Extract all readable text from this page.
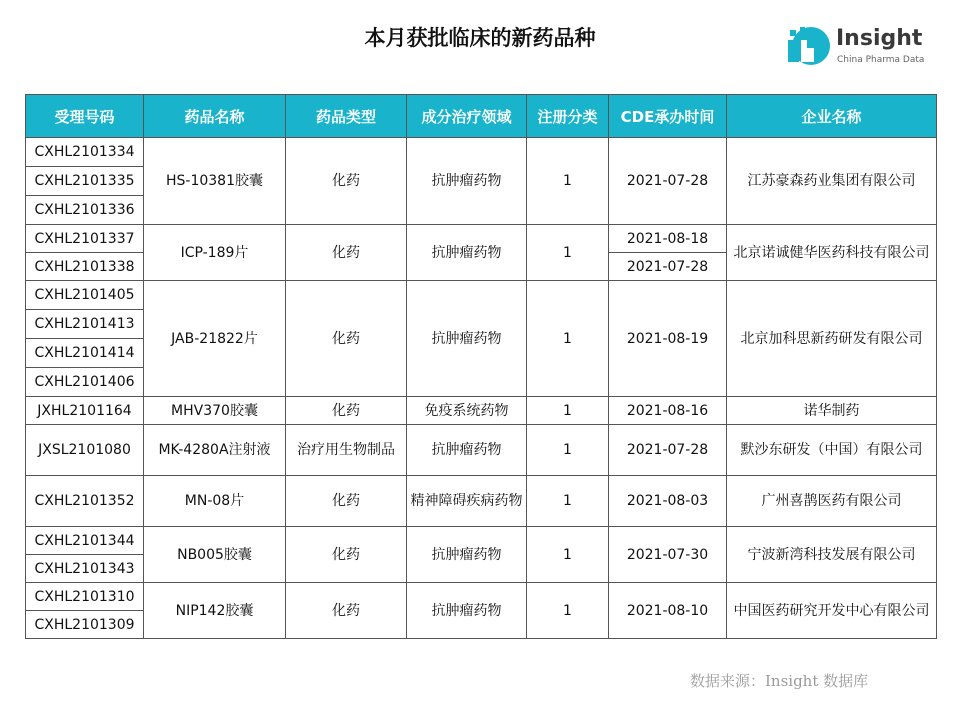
本月获批临床的新药品种	Insight
China Pharma Data
受理号码	药品名称	药品类型	成分治疗领域	注册分类	CDE承办时间	企业名称
CXHL2101334	HS-10381胶囊	化药	抗肿瘤药物	1	2021-07-28	江苏豪森药业集团有限公司
CXHL2101335						
CXHL2101336						
CXHL2101337	ICP-189片	化药	抗肿瘤药物	1	2021-08-18	北京诺诚健华医药科技有限公司
CXHL2101338					2021-07-28	
CXHL2101405	JAB-21822片	化药	抗肿瘤药物	1	2021-08-19	北京加科思新药研发有限公司
CXHL2101413						
CXHL2101414						
CXHL2101406						
JXHL2101164	MHV370胶囊	化药	免疫系统药物	1	2021-08-16	诺华制药
JXSL2101080	MK-4280A注射液	治疗用生物制品	抗肿瘤药物	1	2021-07-28	默沙东研发（中国）有限公司
CXHL2101352	MN-08片	化药	精神障碍疾病药物	1	2021-08-03	广州喜鹊医药有限公司
CXHL2101344	NB005胶囊	化药	抗肿瘤药物	1	2021-07-30	宁波新湾科技发展有限公司
CXHL2101343						
CXHL2101310	NIP142胶囊	化药	抗肿瘤药物	1	2021-08-10	中国医药研究开发中心有限公司
CXHL2101309						
数据来源：Insight 数据库
